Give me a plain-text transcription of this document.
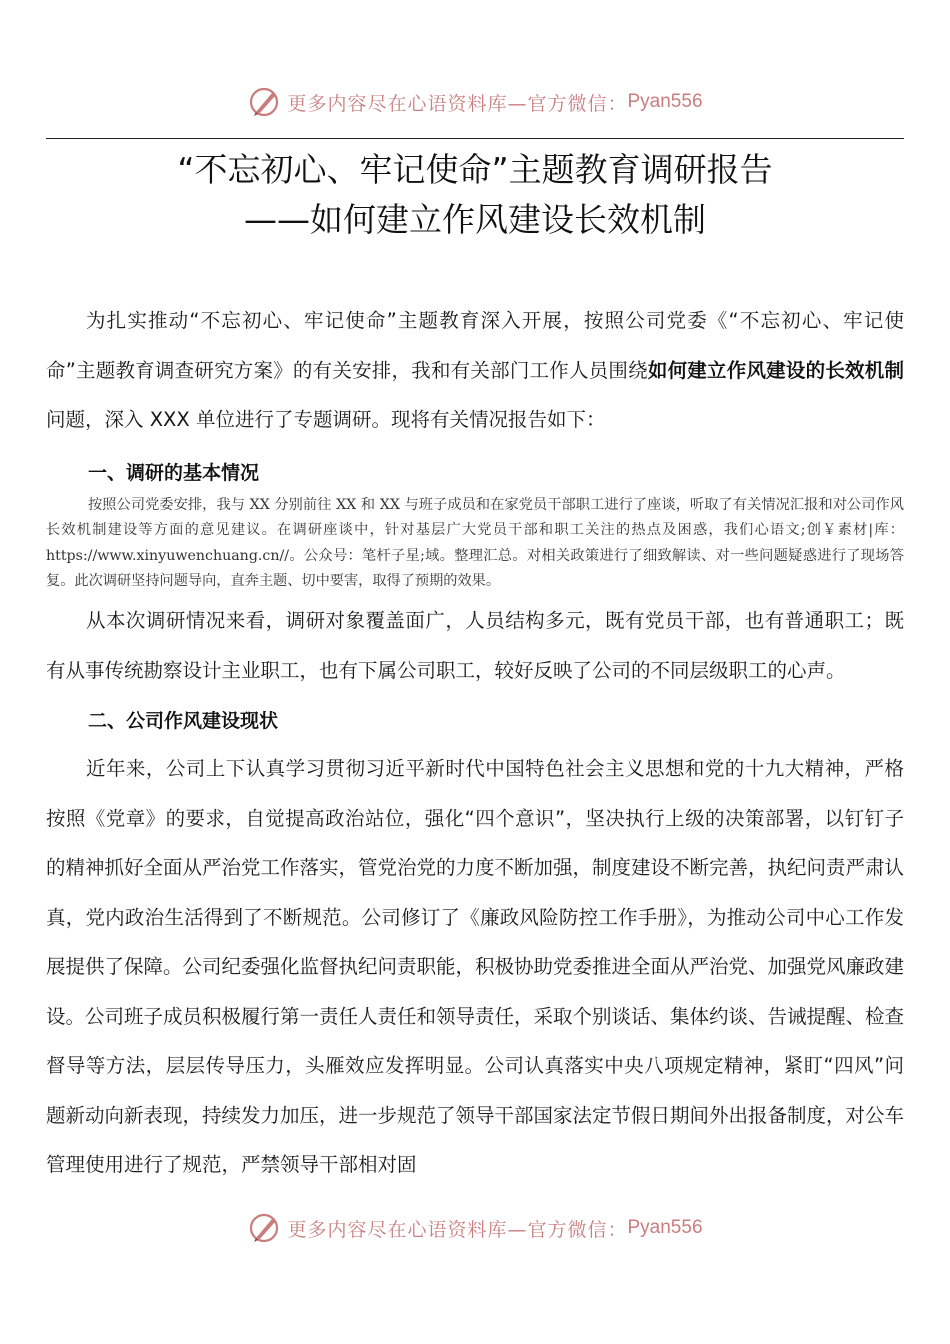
更多内容尽在心语资料库—官方微信： Pyan556
“不忘初心、牢记使命”主题教育调研报告
——如何建立作风建设长效机制

为扎实推动“不忘初心、牢记使命”主题教育深入开展，按照公司党委《“不忘初心、牢记使命”主题教育调查研究方案》的有关安排，我和有关部门工作人员围绕如何建立作风建设的长效机制问题，深入 XXX 单位进行了专题调研。现将有关情况报告如下：

一、调研的基本情况

按照公司党委安排，我与 XX 分别前往 XX 和 XX 与班子成员和在家党员干部职工进行了座谈，听取了有关情况汇报和对公司作风长效机制建设等方面的意见建议。在调研座谈中，针对基层广大党员干部和职工关注的热点及困惑，我们心语文;创￥素材|库：https://www.xinyuwenchuang.cn//。公众号：笔杆子星;域。整理汇总。对相关政策进行了细致解读、对一些问题疑惑进行了现场答复。此次调研坚持问题导向，直奔主题、切中要害，取得了预期的效果。

从本次调研情况来看，调研对象覆盖面广，人员结构多元，既有党员干部，也有普通职工；既有从事传统勘察设计主业职工，也有下属公司职工，较好反映了公司的不同层级职工的心声。

二、公司作风建设现状

近年来，公司上下认真学习贯彻习近平新时代中国特色社会主义思想和党的十九大精神，严格按照《党章》的要求，自觉提高政治站位，强化“四个意识”，坚决执行上级的决策部署，以钉钉子的精神抓好全面从严治党工作落实，管党治党的力度不断加强，制度建设不断完善，执纪问责严肃认真，党内政治生活得到了不断规范。公司修订了《廉政风险防控工作手册》，为推动公司中心工作发展提供了保障。公司纪委强化监督执纪问责职能，积极协助党委推进全面从严治党、加强党风廉政建设。公司班子成员积极履行第一责任人责任和领导责任，采取个别谈话、集体约谈、告诫提醒、检查督导等方法，层层传导压力，头雁效应发挥明显。公司认真落实中央八项规定精神，紧盯“四风”问题新动向新表现，持续发力加压，进一步规范了领导干部国家法定节假日期间外出报备制度，对公车管理使用进行了规范，严禁领导干部相对固

更多内容尽在心语资料库—官方微信： Pyan556
